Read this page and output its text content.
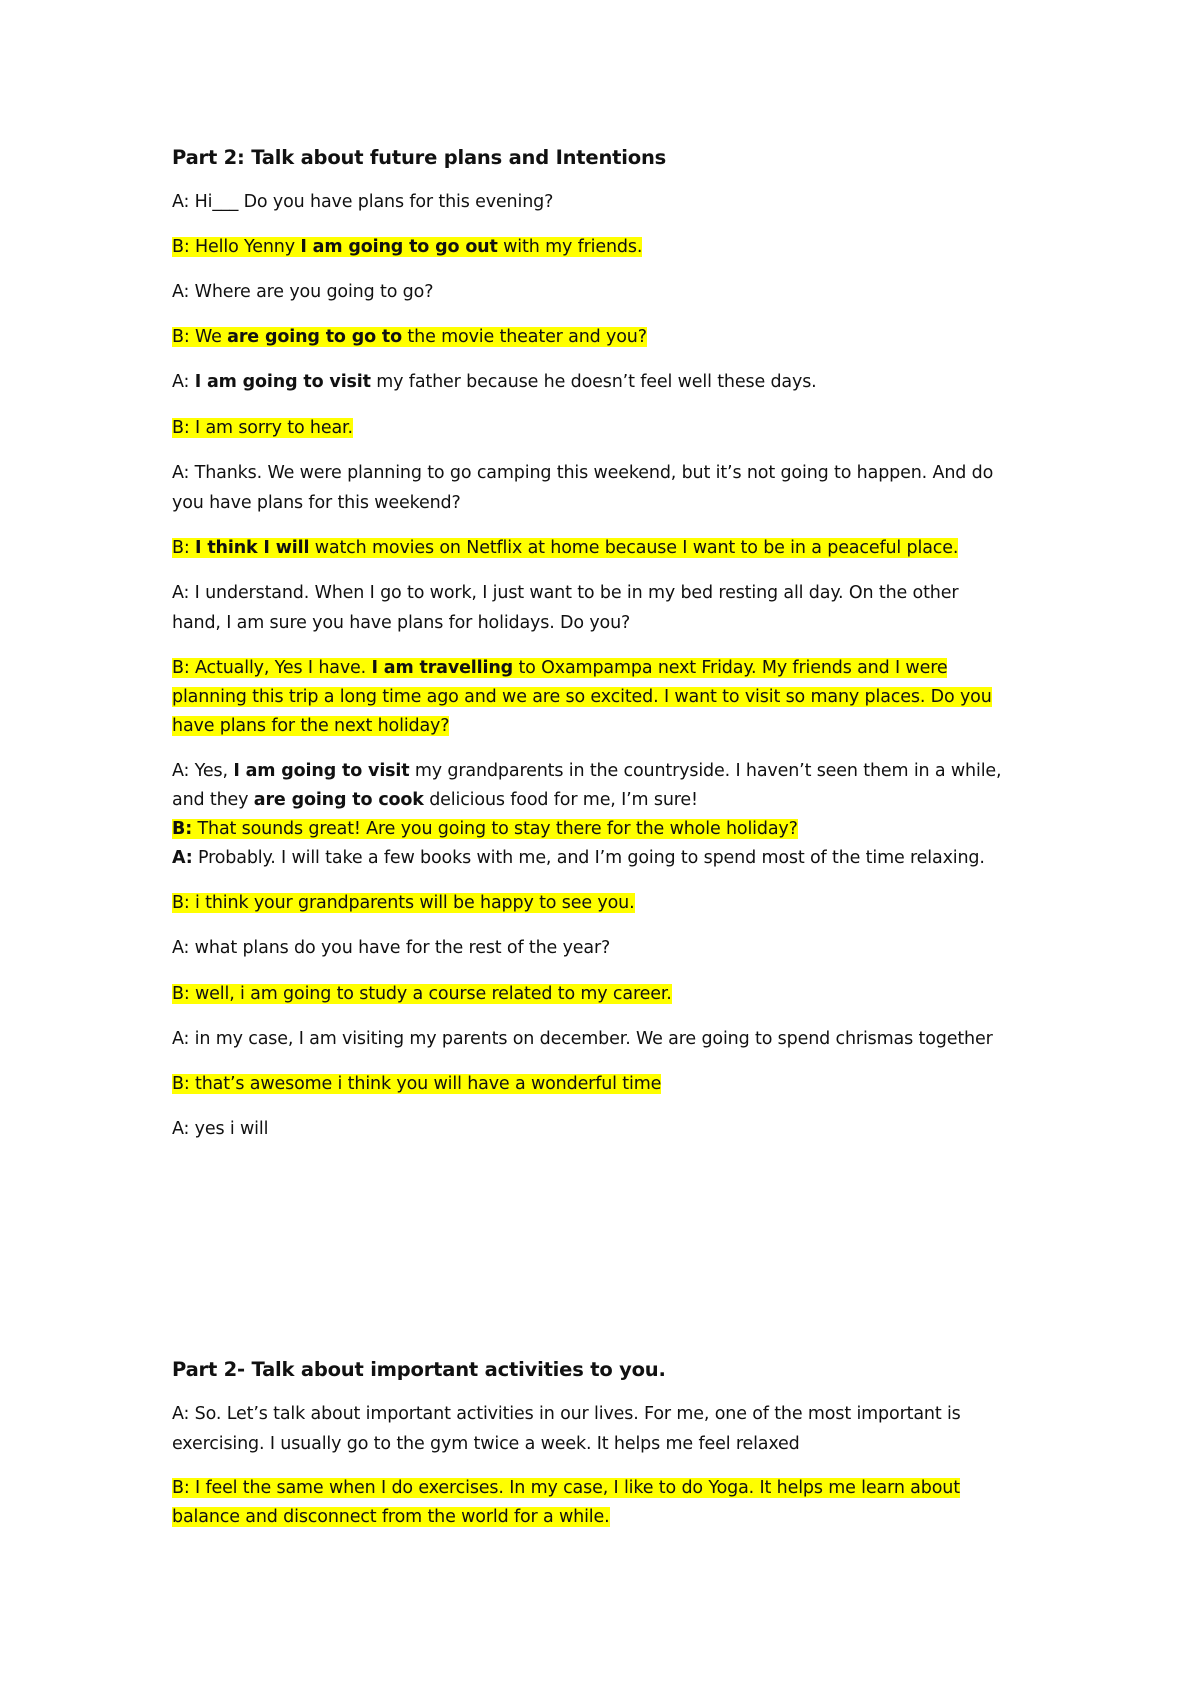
Part 2: Talk about future plans and Intentions

A: Hi___ Do you have plans for this evening?

B: Hello Yenny I am going to go out with my friends.

A: Where are you going to go?

B: We are going to go to the movie theater and you?

A: I am going to visit my father because he doesn’t feel well these days.

B: I am sorry to hear.

A: Thanks. We were planning to go camping this weekend, but it’s not going to happen. And do

you have plans for this weekend?

B: I think I will watch movies on Netflix at home because I want to be in a peaceful place.

A: I understand. When I go to work, I just want to be in my bed resting all day. On the other

hand, I am sure you have plans for holidays. Do you?

B: Actually, Yes I have. I am travelling to Oxampampa next Friday. My friends and I were

planning this trip a long time ago and we are so excited. I want to visit so many places. Do you

have plans for the next holiday?

A: Yes, I am going to visit my grandparents in the countryside. I haven’t seen them in a while,

and they are going to cook delicious food for me, I’m sure!

B: That sounds great! Are you going to stay there for the whole holiday?

A: Probably. I will take a few books with me, and I’m going to spend most of the time relaxing.

B: i think your grandparents will be happy to see you.

A: what plans do you have for the rest of the year?

B: well, i am going to study a course related to my career.

A: in my case, I am visiting my parents on december. We are going to spend chrismas together

B: that’s awesome i think you will have a wonderful time

A: yes i will

Part 2- Talk about important activities to you.

A: So. Let’s talk about important activities in our lives. For me, one of the most important is

exercising. I usually go to the gym twice a week. It helps me feel relaxed

B: I feel the same when I do exercises. In my case, I like to do Yoga. It helps me learn about

balance and disconnect from the world for a while.
